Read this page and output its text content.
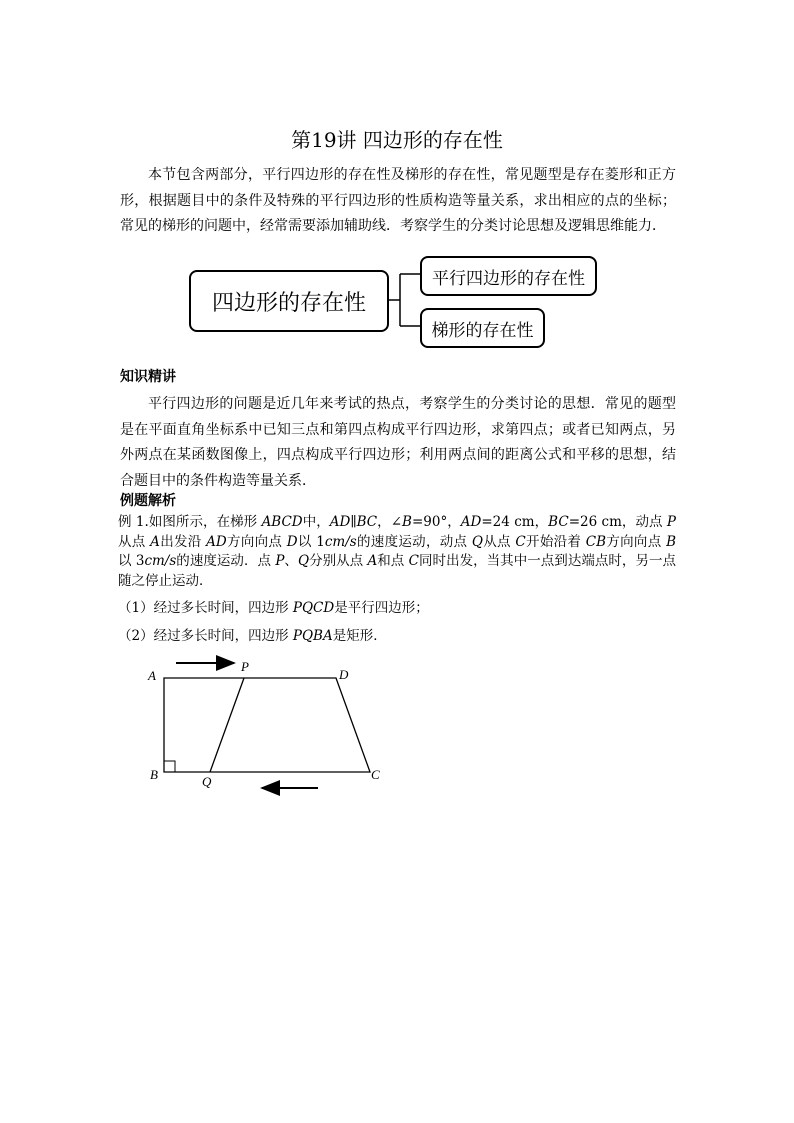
第19讲 四边形的存在性
本节包含两部分，平行四边形的存在性及梯形的存在性，常见题型是存在菱形和正方形，根据题目中的条件及特殊的平行四边形的性质构造等量关系，求出相应的点的坐标；常见的梯形的问题中，经常需要添加辅助线．考察学生的分类讨论思想及逻辑思维能力．
四边形的存在性
平行四边形的存在性
梯形的存在性
知识精讲
平行四边形的问题是近几年来考试的热点，考察学生的分类讨论的思想．常见的题型是在平面直角坐标系中已知三点和第四点构成平行四边形，求第四点；或者已知两点，另外两点在某函数图像上，四点构成平行四边形；利用两点间的距离公式和平移的思想，结合题目中的条件构造等量关系．
例题解析
例 1.如图所示，在梯形 ABCD中，AD∥BC，∠B=90°，AD=24 cm，BC=26 cm，动点 P从点 A出发沿 AD方向向点 D以 1cm/s的速度运动，动点 Q从点 C开始沿着 CB方向向点 B以 3cm/s的速度运动．点 P、Q分别从点 A和点 C同时出发，当其中一点到达端点时，另一点随之停止运动．
（1）经过多长时间，四边形 PQCD是平行四边形；
（2）经过多长时间，四边形 PQBA是矩形．
A
B	C
D
P
Q
